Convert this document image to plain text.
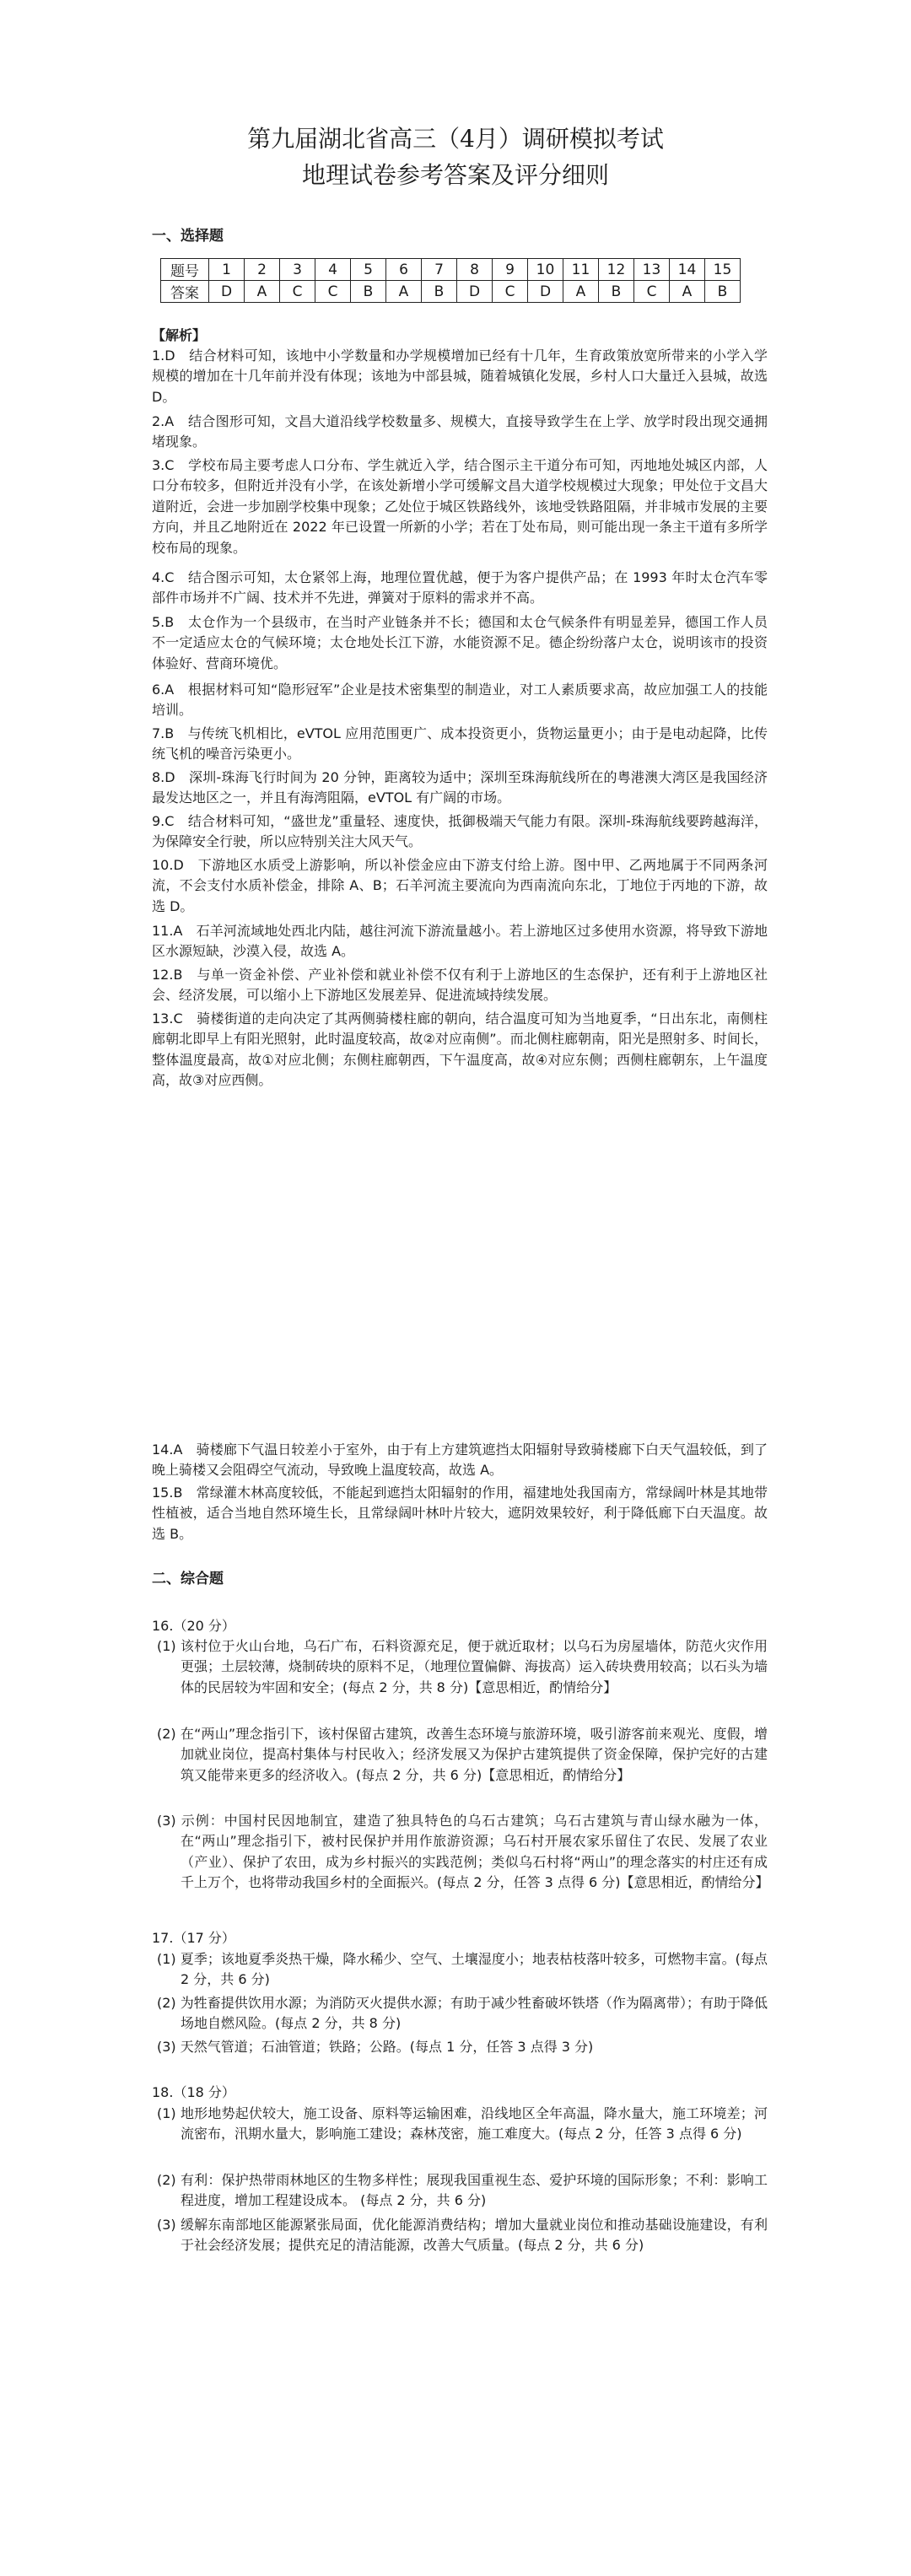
第九届湖北省高三（4月）调研模拟考试
地理试卷参考答案及评分细则
一、选择题
题号	1	2	3	4	5	6	7	8	9	10	11	12	13	14	15
答案	D	A	C	C	B	A	B	D	C	D	A	B	C	A	B
【解析】
1.D　结合材料可知，该地中小学数量和办学规模增加已经有十几年，生育政策放宽所带来的小学入学规模的增加在十几年前并没有体现；该地为中部县城，随着城镇化发展，乡村人口大量迁入县城，故选 D。
2.A　结合图形可知，文昌大道沿线学校数量多、规模大，直接导致学生在上学、放学时段出现交通拥堵现象。
3.C　学校布局主要考虑人口分布、学生就近入学，结合图示主干道分布可知，丙地地处城区内部，人口分布较多，但附近并没有小学，在该处新增小学可缓解文昌大道学校规模过大现象；甲处位于文昌大道附近，会进一步加剧学校集中现象；乙处位于城区铁路线外，该地受铁路阻隔，并非城市发展的主要方向，并且乙地附近在 2022 年已设置一所新的小学；若在丁处布局，则可能出现一条主干道有多所学校布局的现象。
4.C　结合图示可知，太仓紧邻上海，地理位置优越，便于为客户提供产品；在 1993 年时太仓汽车零部件市场并不广阔、技术并不先进，弹簧对于原料的需求并不高。
5.B　太仓作为一个县级市，在当时产业链条并不长；德国和太仓气候条件有明显差异，德国工作人员不一定适应太仓的气候环境；太仓地处长江下游，水能资源不足。德企纷纷落户太仓，说明该市的投资体验好、营商环境优。
6.A　根据材料可知“隐形冠军”企业是技术密集型的制造业，对工人素质要求高，故应加强工人的技能培训。
7.B　与传统飞机相比，eVTOL 应用范围更广、成本投资更小，货物运量更小；由于是电动起降，比传统飞机的噪音污染更小。
8.D　深圳-珠海飞行时间为 20 分钟，距离较为适中；深圳至珠海航线所在的粤港澳大湾区是我国经济最发达地区之一，并且有海湾阻隔，eVTOL 有广阔的市场。
9.C　结合材料可知，“盛世龙”重量轻、速度快，抵御极端天气能力有限。深圳-珠海航线要跨越海洋，为保障安全行驶，所以应特别关注大风天气。
10.D　下游地区水质受上游影响，所以补偿金应由下游支付给上游。图中甲、乙两地属于不同两条河流，不会支付水质补偿金，排除 A、B；石羊河流主要流向为西南流向东北，丁地位于丙地的下游，故选 D。
11.A　石羊河流域地处西北内陆，越往河流下游流量越小。若上游地区过多使用水资源，将导致下游地区水源短缺，沙漠入侵，故选 A。
12.B　与单一资金补偿、产业补偿和就业补偿不仅有利于上游地区的生态保护，还有利于上游地区社会、经济发展，可以缩小上下游地区发展差异、促进流域持续发展。
13.C　骑楼街道的走向决定了其两侧骑楼柱廊的朝向，结合温度可知为当地夏季，“日出东北，南侧柱廊朝北即早上有阳光照射，此时温度较高，故②对应南侧”。而北侧柱廊朝南，阳光是照射多、时间长，整体温度最高，故①对应北侧；东侧柱廊朝西，下午温度高，故④对应东侧；西侧柱廊朝东，上午温度高，故③对应西侧。
14.A　骑楼廊下气温日较差小于室外，由于有上方建筑遮挡太阳辐射导致骑楼廊下白天气温较低，到了晚上骑楼又会阻碍空气流动，导致晚上温度较高，故选 A。
15.B　常绿灌木林高度较低，不能起到遮挡太阳辐射的作用，福建地处我国南方，常绿阔叶林是其地带性植被，适合当地自然环境生长，且常绿阔叶林叶片较大，遮阴效果较好，利于降低廊下白天温度。故选 B。
二、综合题
16.（20 分）
(1) 该村位于火山台地，乌石广布，石料资源充足，便于就近取材；以乌石为房屋墙体，防范火灾作用更强；土层较薄，烧制砖块的原料不足，（地理位置偏僻、海拔高）运入砖块费用较高；以石头为墙体的民居较为牢固和安全；(每点 2 分，共 8 分)【意思相近，酌情给分】
(2) 在“两山”理念指引下，该村保留古建筑，改善生态环境与旅游环境，吸引游客前来观光、度假，增加就业岗位，提高村集体与村民收入；经济发展又为保护古建筑提供了资金保障，保护完好的古建筑又能带来更多的经济收入。(每点 2 分，共 6 分)【意思相近，酌情给分】
(3) 示例：中国村民因地制宜，建造了独具特色的乌石古建筑；乌石古建筑与青山绿水融为一体，在“两山”理念指引下，被村民保护并用作旅游资源；乌石村开展农家乐留住了农民、发展了农业（产业）、保护了农田，成为乡村振兴的实践范例；类似乌石村将“两山”的理念落实的村庄还有成千上万个，也将带动我国乡村的全面振兴。(每点 2 分，任答 3 点得 6 分)【意思相近，酌情给分】
17.（17 分）
(1) 夏季；该地夏季炎热干燥，降水稀少、空气、土壤湿度小；地表枯枝落叶较多，可燃物丰富。(每点 2 分，共 6 分)
(2) 为牲畜提供饮用水源；为消防灭火提供水源；有助于减少牲畜破坏铁塔（作为隔离带）；有助于降低场地自燃风险。(每点 2 分，共 8 分)
(3) 天然气管道；石油管道；铁路；公路。(每点 1 分，任答 3 点得 3 分)
18.（18 分）
(1) 地形地势起伏较大，施工设备、原料等运输困难，沿线地区全年高温，降水量大，施工环境差；河流密布，汛期水量大，影响施工建设；森林茂密，施工难度大。(每点 2 分，任答 3 点得 6 分)
(2) 有利：保护热带雨林地区的生物多样性；展现我国重视生态、爱护环境的国际形象；不利：影响工程进度，增加工程建设成本。 (每点 2 分，共 6 分)
(3) 缓解东南部地区能源紧张局面，优化能源消费结构；增加大量就业岗位和推动基础设施建设，有利于社会经济发展；提供充足的清洁能源，改善大气质量。(每点 2 分，共 6 分)
